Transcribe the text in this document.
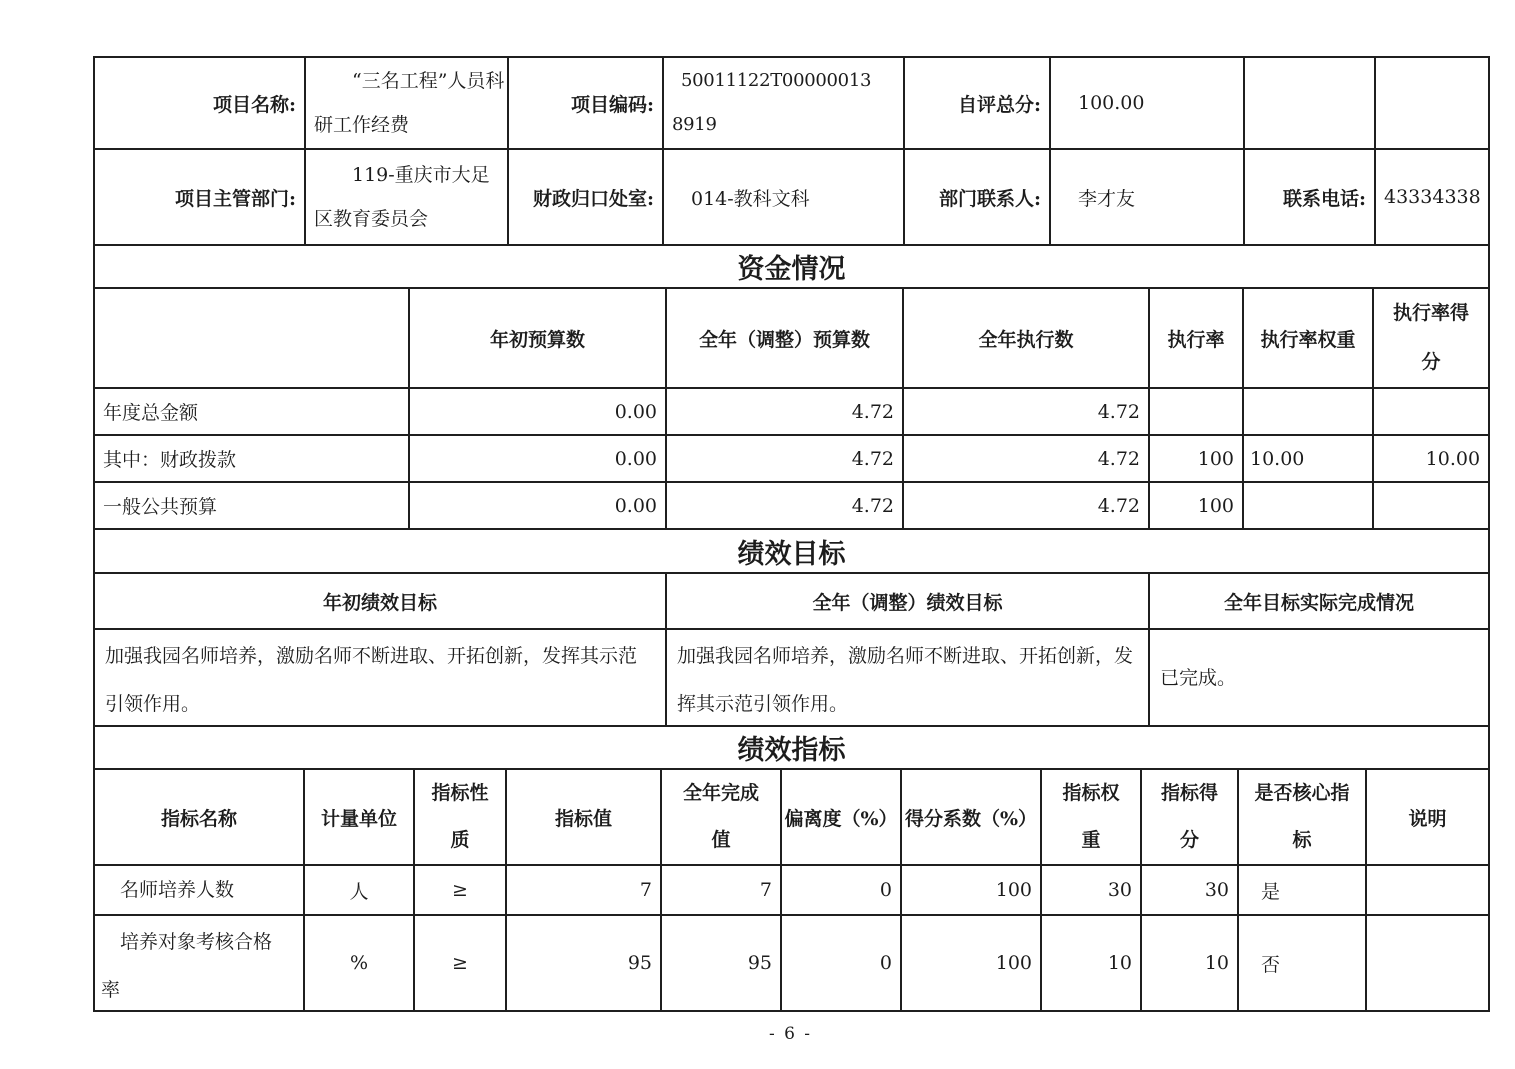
项目名称:	“三名工程”人员科研工作经费	项目编码:	50011122T000000138919	自评总分:	100.00		
项目主管部门:	119-重庆市大足区教育委员会	财政归口处室:	014-教科文科	部门联系人:	李才友	联系电话:	43334338
资金情况						
	年初预算数	全年（调整）预算数	全年执行数	执行率	执行率权重	执行率得分

年度总金额	0.00	4.72	4.72			
其中：财政拨款	0.00	4.72	4.72	100	10.00	10.00
一般公共预算	0.00	4.72	4.72	100		
绩效目标		
年初绩效目标	全年（调整）绩效目标	全年目标实际完成情况

加强我园名师培养，激励名师不断进取、开拓创新，发挥其示范引领作用。	加强我园名师培养，激励名师不断进取、开拓创新，发挥其示范引领作用。	已完成。
绩效指标										
指标名称	计量单位	指标性质	指标值	全年完成值	偏离度（%）	得分系数（%）	指标权重	指标得分	是否核心指标	说明

名师培养人数	人	≥	7	7	0	100	30	30	是	

培养对象考核合格率	%	≥	95	95	0	100	10	10	否	
- 6 -
